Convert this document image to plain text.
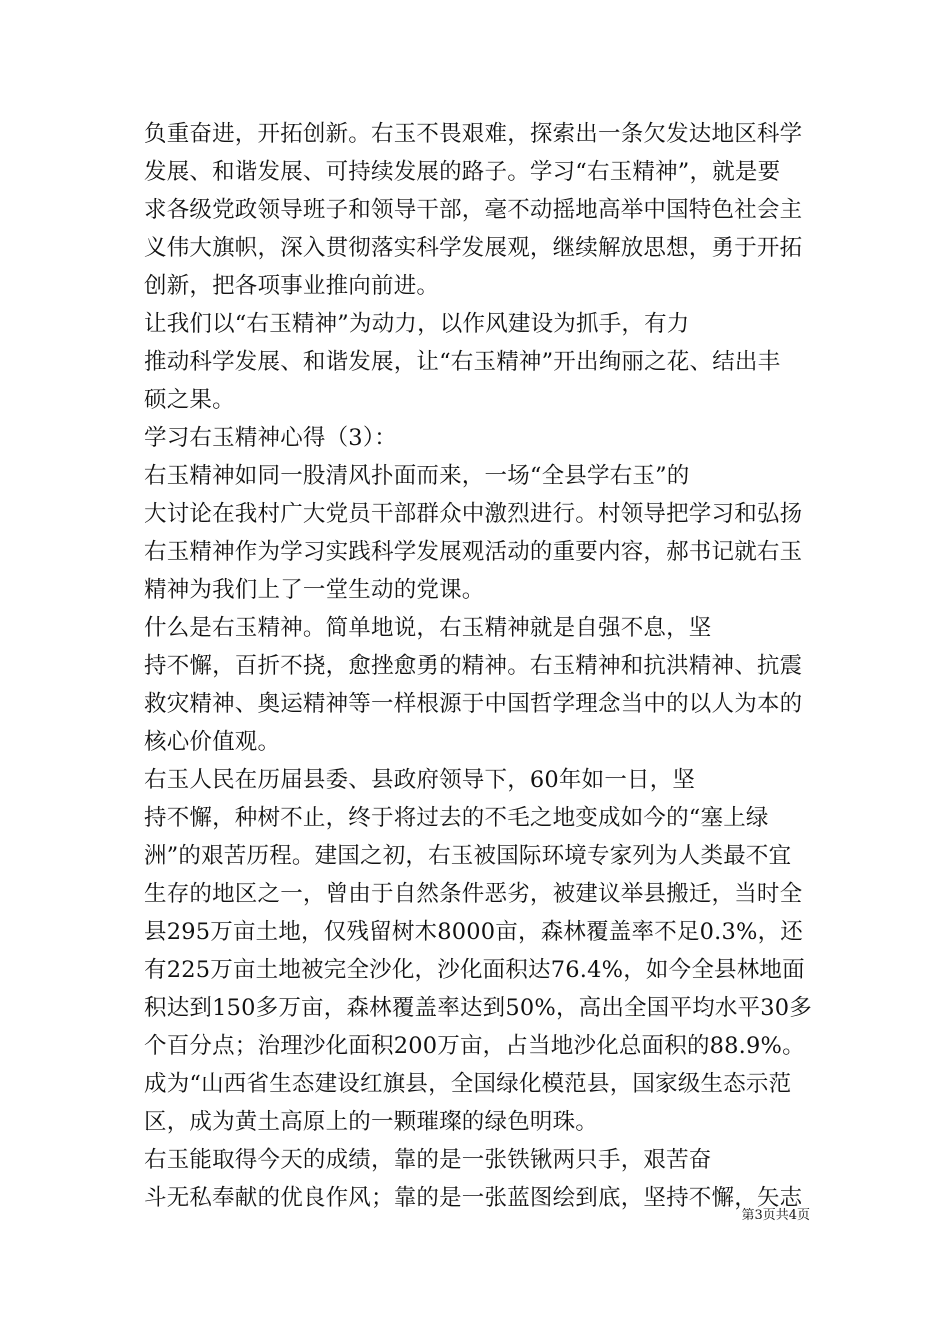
负重奋进，开拓创新。右玉不畏艰难，探索出一条欠发达地区科学
发展、和谐发展、可持续发展的路子。学习“右玉精神”，就是要
求各级党政领导班子和领导干部，毫不动摇地高举中国特色社会主
义伟大旗帜，深入贯彻落实科学发展观，继续解放思想，勇于开拓
创新，把各项事业推向前进。
让我们以“右玉精神”为动力，以作风建设为抓手，有力
推动科学发展、和谐发展，让“右玉精神”开出绚丽之花、结出丰
硕之果。
学习右玉精神心得（3）：
右玉精神如同一股清风扑面而来，一场“全县学右玉”的
大讨论在我村广大党员干部群众中激烈进行。村领导把学习和弘扬
右玉精神作为学习实践科学发展观活动的重要内容，郝书记就右玉
精神为我们上了一堂生动的党课。
什么是右玉精神。简单地说，右玉精神就是自强不息，坚
持不懈，百折不挠，愈挫愈勇的精神。右玉精神和抗洪精神、抗震
救灾精神、奥运精神等一样根源于中国哲学理念当中的以人为本的
核心价值观。
右玉人民在历届县委、县政府领导下，60年如一日，坚
持不懈，种树不止，终于将过去的不毛之地变成如今的“塞上绿
洲”的艰苦历程。建国之初，右玉被国际环境专家列为人类最不宜
生存的地区之一，曾由于自然条件恶劣，被建议举县搬迁，当时全
县295万亩土地，仅残留树木8000亩，森林覆盖率不足0.3%，还
有225万亩土地被完全沙化，沙化面积达76.4%，如今全县林地面
积达到150多万亩，森林覆盖率达到50%，高出全国平均水平30多
个百分点；治理沙化面积200万亩，占当地沙化总面积的88.9%。
成为“山西省生态建设红旗县，全国绿化模范县，国家级生态示范
区，成为黄土高原上的一颗璀璨的绿色明珠。
右玉能取得今天的成绩，靠的是一张铁锹两只手，艰苦奋
斗无私奉献的优良作风；靠的是一张蓝图绘到底，坚持不懈，矢志
第3页共4页
